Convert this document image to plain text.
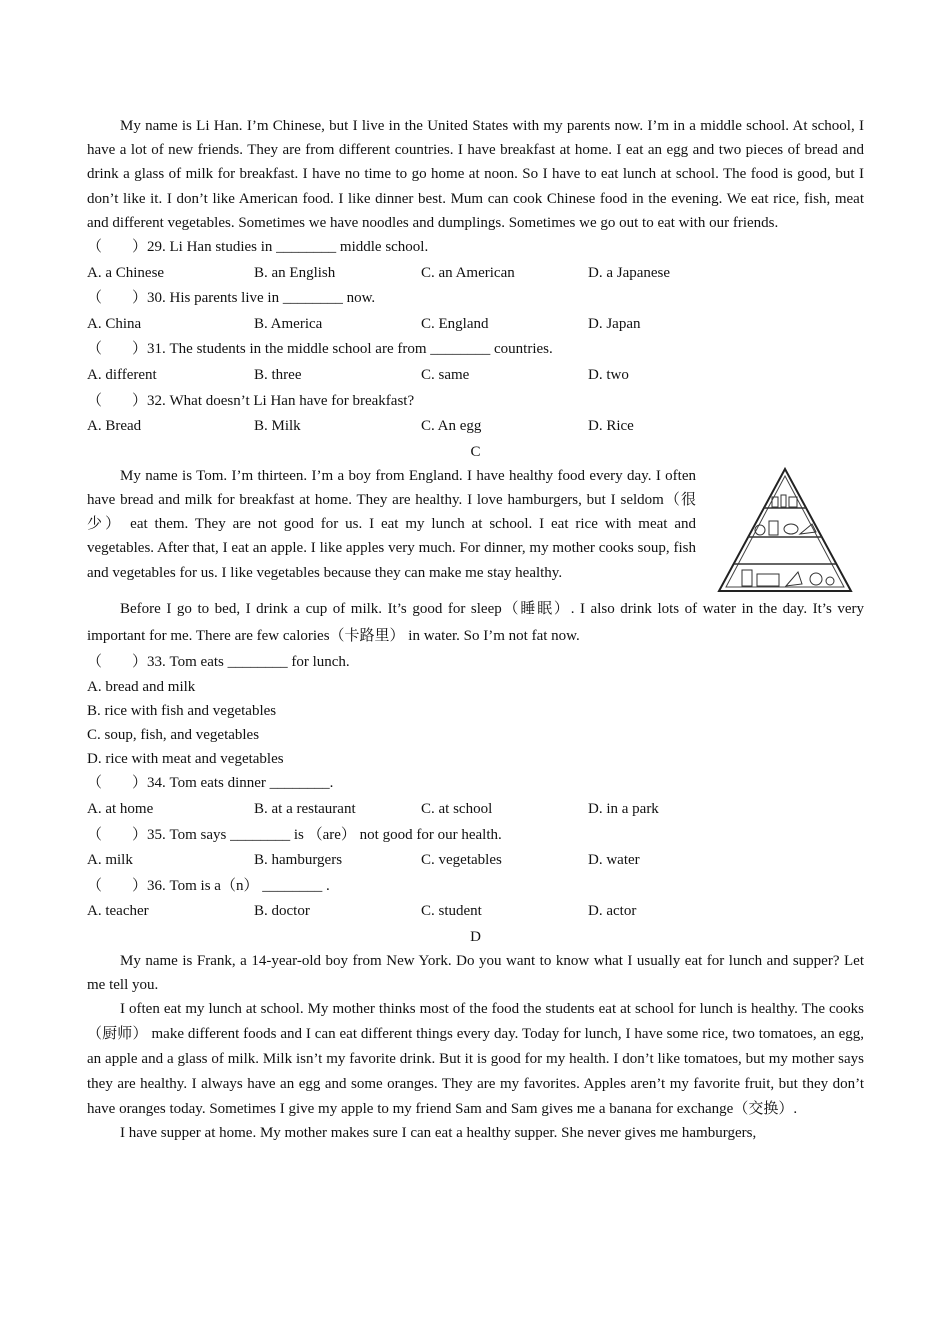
My name is Li Han. I’m Chinese, but I live in the United States with my parents now. I’m in a middle school. At school, I have a lot of new friends. They are from different countries. I have breakfast at home. I eat an egg and two pieces of bread and drink a glass of milk for breakfast. I have no time to go home at noon. So I have to eat lunch at school. The food is good, but I don’t like it. I don’t like American food. I like dinner best. Mum can cook Chinese food in the evening. We eat rice, fish, meat and different vegetables. Sometimes we have noodles and dumplings. Sometimes we go out to eat with our friends.

（　　）29. Li Han studies in ________ middle school.
A. a Chinese	B. an English	C. an American	D. a Japanese
（　　）30. His parents live in ________ now.
A. China	B. America	C. England	D. Japan
（　　）31. The students in the middle school are from ________ countries.
A. different	B. three	C. same	D. two
（　　）32. What doesn’t Li Han have for breakfast?
A. Bread	B. Milk	C. An egg	D. Rice
C

My name is Tom. I’m thirteen. I’m a boy from England. I have healthy food every day. I often have bread and milk for breakfast at home. They are healthy. I love hamburgers, but I seldom（很少） eat them. They are not good for us. I eat my lunch at school. I eat rice with meat and vegetables. After that, I eat an apple. I like apples very much. For dinner, my mother cooks soup, fish and vegetables for us. I like vegetables because they can make me stay healthy.

Before I go to bed, I drink a cup of milk. It’s good for sleep（睡眠）. I also drink lots of water in the day. It’s very important for me. There are few calories（卡路里） in water. So I’m not fat now.

（　　）33. Tom eats ________ for lunch.
A. bread and milk
B. rice with fish and vegetables
C. soup, fish, and vegetables
D. rice with meat and vegetables
（　　）34. Tom eats dinner ________.
A. at home	B. at a restaurant	C. at school	D. in a park
（　　）35. Tom says ________ is （are） not good for our health.
A. milk	B. hamburgers	C. vegetables	D. water
（　　）36. Tom is a（n） ________ .
A. teacher	B. doctor	C. student	D. actor
D

My name is Frank, a 14-year-old boy from New York. Do you want to know what I usually eat for lunch and supper? Let me tell you.

I often eat my lunch at school. My mother thinks most of the food the students eat at school for lunch is healthy. The cooks（厨师） make different foods and I can eat different things every day. Today for lunch, I have some rice, two tomatoes, an egg, an apple and a glass of milk. Milk isn’t my favorite drink. But it is good for my health. I don’t like tomatoes, but my mother says they are healthy. I always have an egg and some oranges. They are my favorites. Apples aren’t my favorite fruit, but they don’t have oranges today. Sometimes I give my apple to my friend Sam and Sam gives me a banana for exchange（交换）.

I have supper at home. My mother makes sure I can eat a healthy supper. She never gives me hamburgers,
